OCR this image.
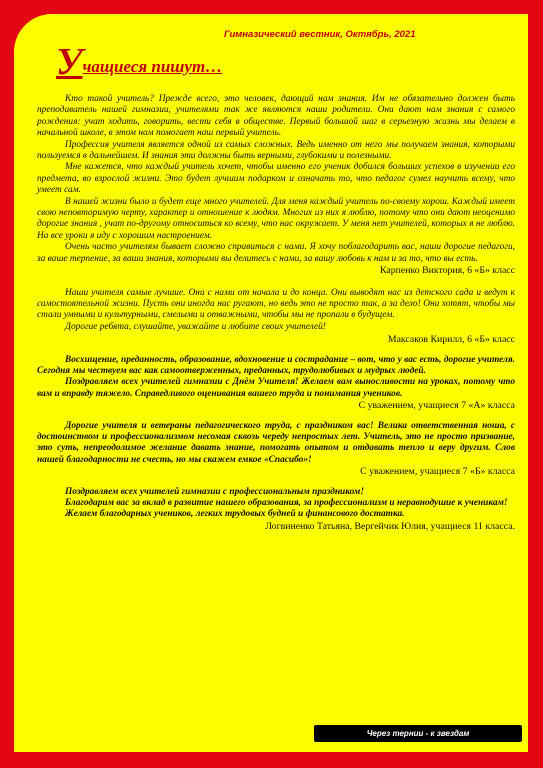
Гимназический вестник, Октябрь, 2021
Учащиеся пишут…

Кто такой учитель? Прежде всего, это человек, дающий нам знания. Им не обязательно должен быть преподаватель нашей гимназии, учителями так же являются наши родители. Они дают нам знания с самого рождения: учат ходить, говорить, вести себя в обществе. Первый большой шаг в серьезную жизнь мы делаем в начальной школе, в этом нам помогает наш первый учитель.

Профессия учителя является одной из самых сложных. Ведь именно от него мы получаем знания, которыми пользуемся в дальнейшем. И знания эти должны быть верными, глубокими и полезными.

Мне кажется, что каждый учитель хочет, чтобы именно его ученик добился больших успехов в изучении его предмета, во взрослой жизни. Это будет лучшим подарком и означать то, что педагог сумел научить всему, что умеет сам.

В нашей жизни было и будет еще много учителей. Для меня каждый учитель по-своему хорош. Каждый имеет свою неповторимую черту, характер и отношение к людям. Многих из них я люблю, потому что они дают неоценимо дорогие знания , учат по-другому относиться ко всему, что нас окружает. У меня нет учителей, которых я не люблю. На все уроки я иду с хорошим настроением.

Очень часто учителям бывает сложно справиться с нами. Я хочу поблагодарить вас, наши дорогие педагоги, за ваше терпение, за ваши знания, которыми вы делитесь с нами, за вашу любовь к нам и за то, что вы есть.

Карпенко Виктория, 6 «Б» класс

Наши учителя самые лучшие. Они с нами от начала и до конца. Они выводят нас из детского сада и ведут к самостоятельной жизни. Пусть они иногда нас ругают, но ведь это не просто так, а за дело! Они хотят, чтобы мы стали умными и культурными, смелыми и отважными, чтобы мы не пропали в будущем.

Дорогие ребята, слушайте, уважайте и любите своих учителей!

Максаков Кирилл, 6 «Б» класс

Восхищение, преданность, образование, вдохновение и сострадание – вот, что у вас есть, дорогие учителя. Сегодня мы чествуем вас как самоотверженных, преданных, трудолюбивых и мудрых людей.

Поздравляем всех учителей гимназии с Днём Учителя! Желаем вам выносливости на уроках, потому что вам и вправду тяжело. Справедливого оценивания вашего труда и понимания учеников.

С уважением, учащиеся 7 «А» класса

Дорогие учителя и ветераны педагогического труда, с праздником вас! Велика ответственная ноша, с достоинством и профессионализмом несомая сквозь череду непростых лет. Учитель, это не просто призвание, это суть, непреодолимое желание давать знание, помогать опытом и отдавать тепло и веру другим. Слов нашей благодарности не счесть, но мы скажем емкое «Спасибо»!

С уважением, учащиеся 7 «Б» класса

Поздравляем всех учителей гимназии с профессиональным праздником!

Благодарим вас за вклад в развитие нашего образования, за профессионализм и неравнодушие к ученикам!

Желаем благодарных учеников, легких трудовых будней и финансового достатка.

Логвиненко Татьяна, Вергейчик Юлия, учащиеся 11 класса.

Через тернии - к звездам
